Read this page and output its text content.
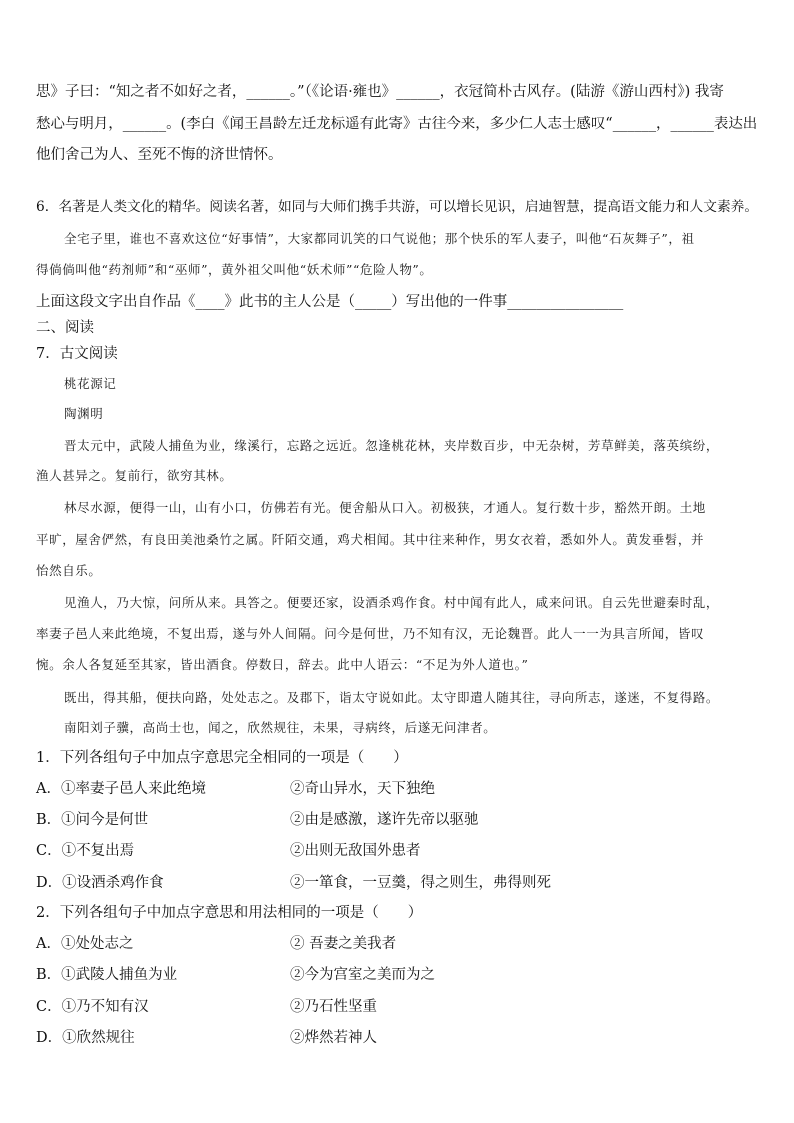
思》子曰：“知之者不如好之者，______。”（《论语·雍也》______，衣冠简朴古风存。(陆游《游山西村》) 我寄
愁心与明月，______。(李白《闻王昌龄左迁龙标遥有此寄》古往今来，多少仁人志士感叹“______，______表达出
他们舍己为人、至死不悔的济世情怀。
6．名著是人类文化的精华。阅读名著，如同与大师们携手共游，可以增长见识，启迪智慧，提高语文能力和人文素养。
全宅子里，谁也不喜欢这位“好事情”，大家都同讥笑的口气说他；那个快乐的军人妻子，叫他“石灰舞子”，祖
得倘倘叫他“药剂师”和“巫师”，黄外祖父叫他“妖术师”“危险人物”。
上面这段文字出自作品《____》此书的主人公是（_____）写出他的一件事________________
二、阅读
7．古文阅读
桃花源记
陶渊明
晋太元中，武陵人捕鱼为业，缘溪行，忘路之远近。忽逢桃花林，夹岸数百步，中无杂树，芳草鲜美，落英缤纷，
渔人甚异之。复前行，欲穷其林。
林尽水源，便得一山，山有小口，仿佛若有光。便舍船从口入。初极狭，才通人。复行数十步，豁然开朗。土地
平旷，屋舍俨然，有良田美池桑竹之属。阡陌交通，鸡犬相闻。其中往来种作，男女衣着，悉如外人。黄发垂髫，并
怡然自乐。
见渔人，乃大惊，问所从来。具答之。便要还家，设酒杀鸡作食。村中闻有此人，咸来问讯。自云先世避秦时乱，
率妻子邑人来此绝境，不复出焉，遂与外人间隔。问今是何世，乃不知有汉，无论魏晋。此人一一为具言所闻，皆叹
惋。余人各复延至其家，皆出酒食。停数日，辞去。此中人语云：“不足为外人道也。”
既出，得其船，便扶向路，处处志之。及郡下，诣太守说如此。太守即遣人随其往，寻向所志，遂迷，不复得路。
南阳刘子骥，高尚士也，闻之，欣然规往，未果，寻病终，后遂无问津者。
1．下列各组句子中加点字意思完全相同的一项是（　　）
A．①率妻子邑人来此绝境	②奇山异水，天下独绝
B．①问今是何世	②由是感激，遂许先帝以驱驰
C．①不复出焉	②出则无敌国外患者
D．①设酒杀鸡作食	②一箪食，一豆羹，得之则生，弗得则死
2．下列各组句子中加点字意思和用法相同的一项是（　　）
A．①处处志之	② 吾妻之美我者
B．①武陵人捕鱼为业	②今为宫室之美而为之
C．①乃不知有汉	②乃石性坚重
D．①欣然规往	②烨然若神人
